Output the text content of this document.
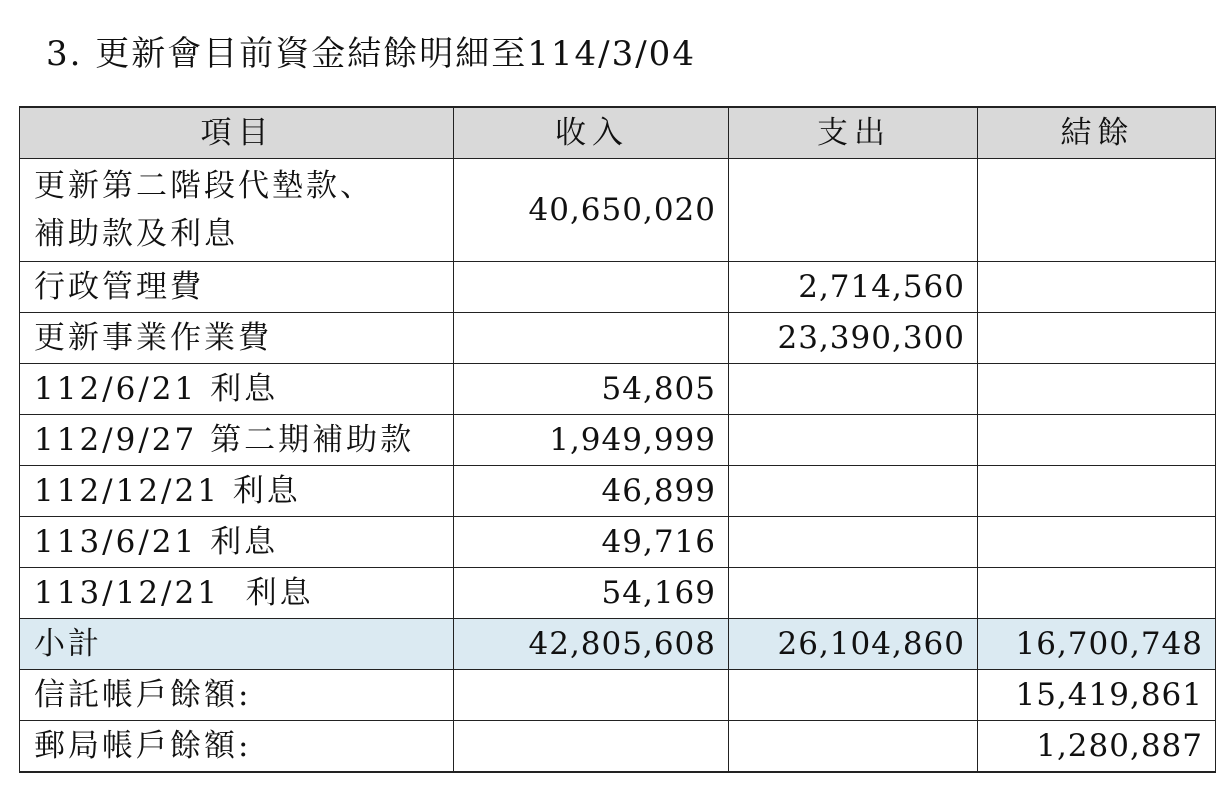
3. 更新會目前資金結餘明細至114/3/04
項目	收入	支出	結餘
更新第二階段代墊款、
補助款及利息	40,650,020		
行政管理費		2,714,560	
更新事業作業費		23,390,300	
112/6/21 利息	54,805		
112/9/27 第二期補助款	1,949,999		
112/12/21 利息	46,899		
113/6/21 利息	49,716		
113/12/21  利息	54,169		
小計	42,805,608	26,104,860	16,700,748
信託帳戶餘額:			15,419,861
郵局帳戶餘額:			1,280,887
